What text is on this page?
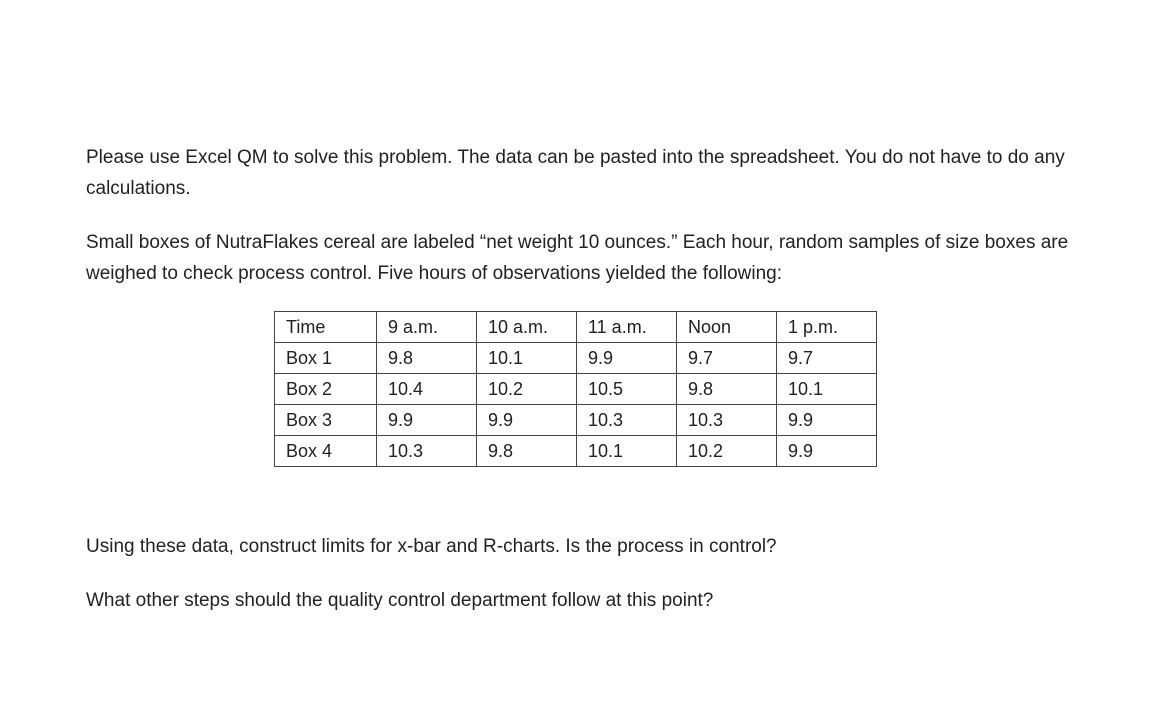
Please use Excel QM to solve this problem. The data can be pasted into the spreadsheet. You do not have to do any calculations.

Small boxes of NutraFlakes cereal are labeled “net weight 10 ounces.” Each hour, random samples of size boxes are weighed to check process control. Five hours of observations yielded the following:

Time	9 a.m.	10 a.m.	11 a.m.	Noon	1 p.m.
Box 1	9.8	10.1	9.9	9.7	9.7
Box 2	10.4	10.2	10.5	9.8	10.1
Box 3	9.9	9.9	10.3	10.3	9.9
Box 4	10.3	9.8	10.1	10.2	9.9

Using these data, construct limits for x-bar and R-charts. Is the process in control?

What other steps should the quality control department follow at this point?
